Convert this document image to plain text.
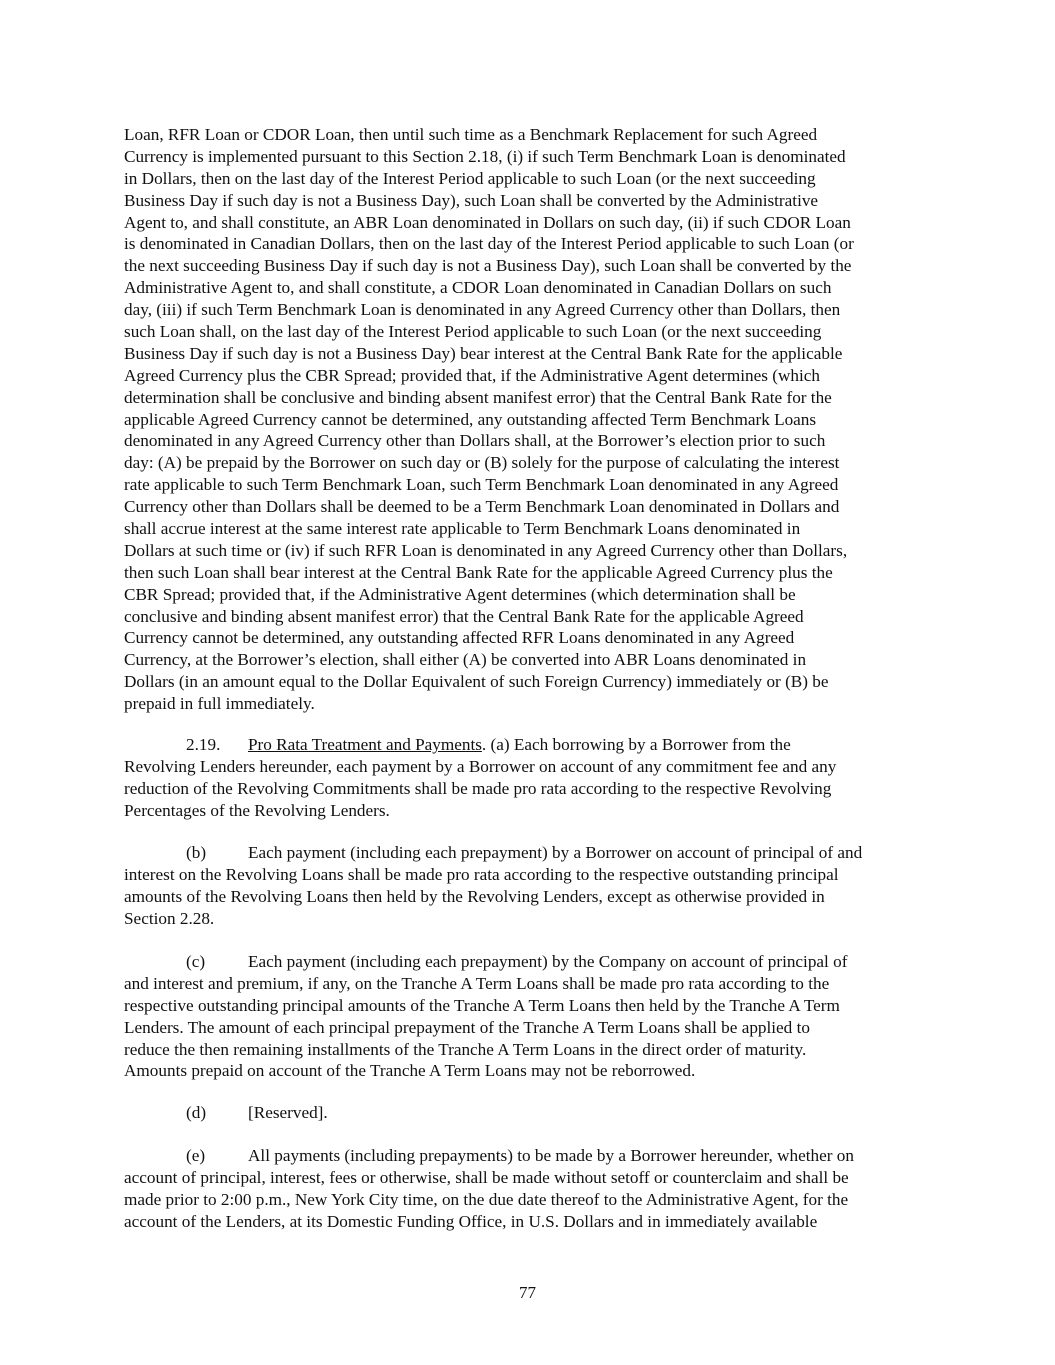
Loan, RFR Loan or CDOR Loan, then until such time as a Benchmark Replacement for such Agreed
Currency is implemented pursuant to this Section 2.18, (i) if such Term Benchmark Loan is denominated
in Dollars, then on the last day of the Interest Period applicable to such Loan (or the next succeeding
Business Day if such day is not a Business Day), such Loan shall be converted by the Administrative
Agent to, and shall constitute, an ABR Loan denominated in Dollars on such day, (ii) if such CDOR Loan
is denominated in Canadian Dollars, then on the last day of the Interest Period applicable to such Loan (or
the next succeeding Business Day if such day is not a Business Day), such Loan shall be converted by the
Administrative Agent to, and shall constitute, a CDOR Loan denominated in Canadian Dollars on such
day, (iii) if such Term Benchmark Loan is denominated in any Agreed Currency other than Dollars, then
such Loan shall, on the last day of the Interest Period applicable to such Loan (or the next succeeding
Business Day if such day is not a Business Day) bear interest at the Central Bank Rate for the applicable
Agreed Currency plus the CBR Spread; provided that, if the Administrative Agent determines (which
determination shall be conclusive and binding absent manifest error) that the Central Bank Rate for the
applicable Agreed Currency cannot be determined, any outstanding affected Term Benchmark Loans
denominated in any Agreed Currency other than Dollars shall, at the Borrower’s election prior to such
day: (A) be prepaid by the Borrower on such day or (B) solely for the purpose of calculating the interest
rate applicable to such Term Benchmark Loan, such Term Benchmark Loan denominated in any Agreed
Currency other than Dollars shall be deemed to be a Term Benchmark Loan denominated in Dollars and
shall accrue interest at the same interest rate applicable to Term Benchmark Loans denominated in
Dollars at such time or (iv) if such RFR Loan is denominated in any Agreed Currency other than Dollars,
then such Loan shall bear interest at the Central Bank Rate for the applicable Agreed Currency plus the
CBR Spread; provided that, if the Administrative Agent determines (which determination shall be
conclusive and binding absent manifest error) that the Central Bank Rate for the applicable Agreed
Currency cannot be determined, any outstanding affected RFR Loans denominated in any Agreed
Currency, at the Borrower’s election, shall either (A) be converted into ABR Loans denominated in
Dollars (in an amount equal to the Dollar Equivalent of such Foreign Currency) immediately or (B) be
prepaid in full immediately.
2.19. Pro Rata Treatment and Payments. (a) Each borrowing by a Borrower from the
Revolving Lenders hereunder, each payment by a Borrower on account of any commitment fee and any
reduction of the Revolving Commitments shall be made pro rata according to the respective Revolving
Percentages of the Revolving Lenders.
(b) Each payment (including each prepayment) by a Borrower on account of principal of and
interest on the Revolving Loans shall be made pro rata according to the respective outstanding principal
amounts of the Revolving Loans then held by the Revolving Lenders, except as otherwise provided in
Section 2.28.
(c) Each payment (including each prepayment) by the Company on account of principal of
and interest and premium, if any, on the Tranche A Term Loans shall be made pro rata according to the
respective outstanding principal amounts of the Tranche A Term Loans then held by the Tranche A Term
Lenders. The amount of each principal prepayment of the Tranche A Term Loans shall be applied to
reduce the then remaining installments of the Tranche A Term Loans in the direct order of maturity.
Amounts prepaid on account of the Tranche A Term Loans may not be reborrowed.
(d) [Reserved].
(e) All payments (including prepayments) to be made by a Borrower hereunder, whether on
account of principal, interest, fees or otherwise, shall be made without setoff or counterclaim and shall be
made prior to 2:00 p.m., New York City time, on the due date thereof to the Administrative Agent, for the
account of the Lenders, at its Domestic Funding Office, in U.S. Dollars and in immediately available
77
